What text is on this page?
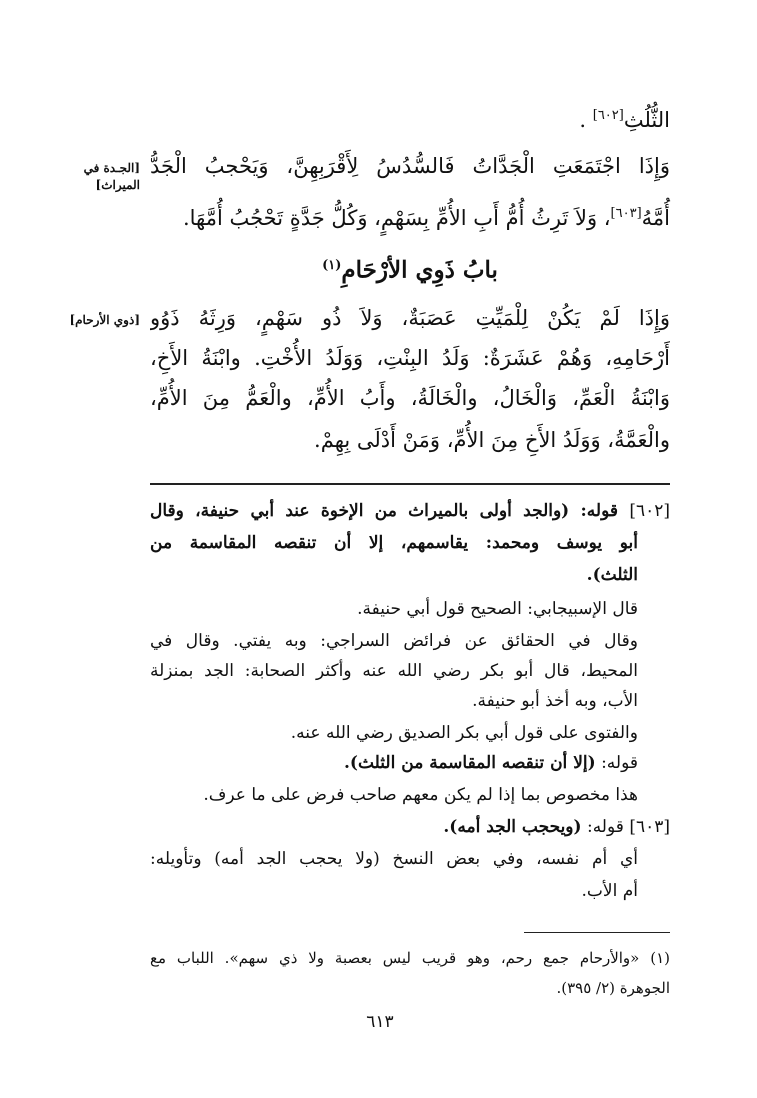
الثُّلُثِ[٦٠٢] .
وَإِذَا اجْتَمَعَتِ الْجَدَّاتُ فَالسُّدُسُ لِأَقْرَبِهِنَّ، وَيَحْجبُ الْجَدُّ
أُمَّهُ[٦٠٣]، وَلاَ تَرِثُ أُمُّ أَبِ الأُمِّ بِسَهْمٍ، وَكُلُّ جَدَّةٍ تَحْجُبُ أُمَّهَا.
[الجـدة في
الميراث]
بابُ ذَوِي الأرْحَامِ$^{(١)}$
[ذوي الأرحام] وَإِذَا لَمْ يَكُنْ لِلْمَيِّتِ عَصَبَةٌ، وَلاَ ذُو سَهْمٍ، وَرِثَهُ ذَوُو
أَرْحَامِهِ، وَهُمْ عَشَرَةٌ: وَلَدُ البِنْتِ، وَوَلَدُ الأُخْتِ. وابْنَةُ الأَخِ،
وَابْنَةُ الْعَمِّ، وَالْخَالُ، والْخَالَةُ، وأَبُ الأُمِّ، والْعَمُّ مِنَ الأُمِّ،
والْعَمَّةُ، وَوَلَدُ الأَخِ مِنَ الأُمِّ، وَمَنْ أَدْلَى بِهِمْ.
[٦٠٢] قوله: (والجد أولى بالميراث من الإخوة عند أبي حنيفة، وقال
أبو يوسف ومحمد: يقاسمهم، إلا أن تنقصه المقاسمة من
الثلث).
قال الإسبيجابي: الصحيح قول أبي حنيفة.
وقال في الحقائق عن فرائض السراجي: وبه يفتي. وقال في
المحيط، قال أبو بكر رضي الله عنه وأكثر الصحابة: الجد بمنزلة
الأب، وبه أخذ أبو حنيفة.
والفتوى على قول أبي بكر الصديق رضي الله عنه.
قوله: (إلا أن تنقصه المقاسمة من الثلث).
هذا مخصوص بما إذا لم يكن معهم صاحب فرض على ما عرف.
[٦٠٣] قوله: (ويحجب الجد أمه).
أي أم نفسه، وفي بعض النسخ (ولا يحجب الجد أمه) وتأويله:
أم الأب.
(١) «والأرحام جمع رحم، وهو قريب ليس بعصبة ولا ذي سهم». اللباب مع
الجوهرة (٢/ ٣٩٥).
٦١٣
